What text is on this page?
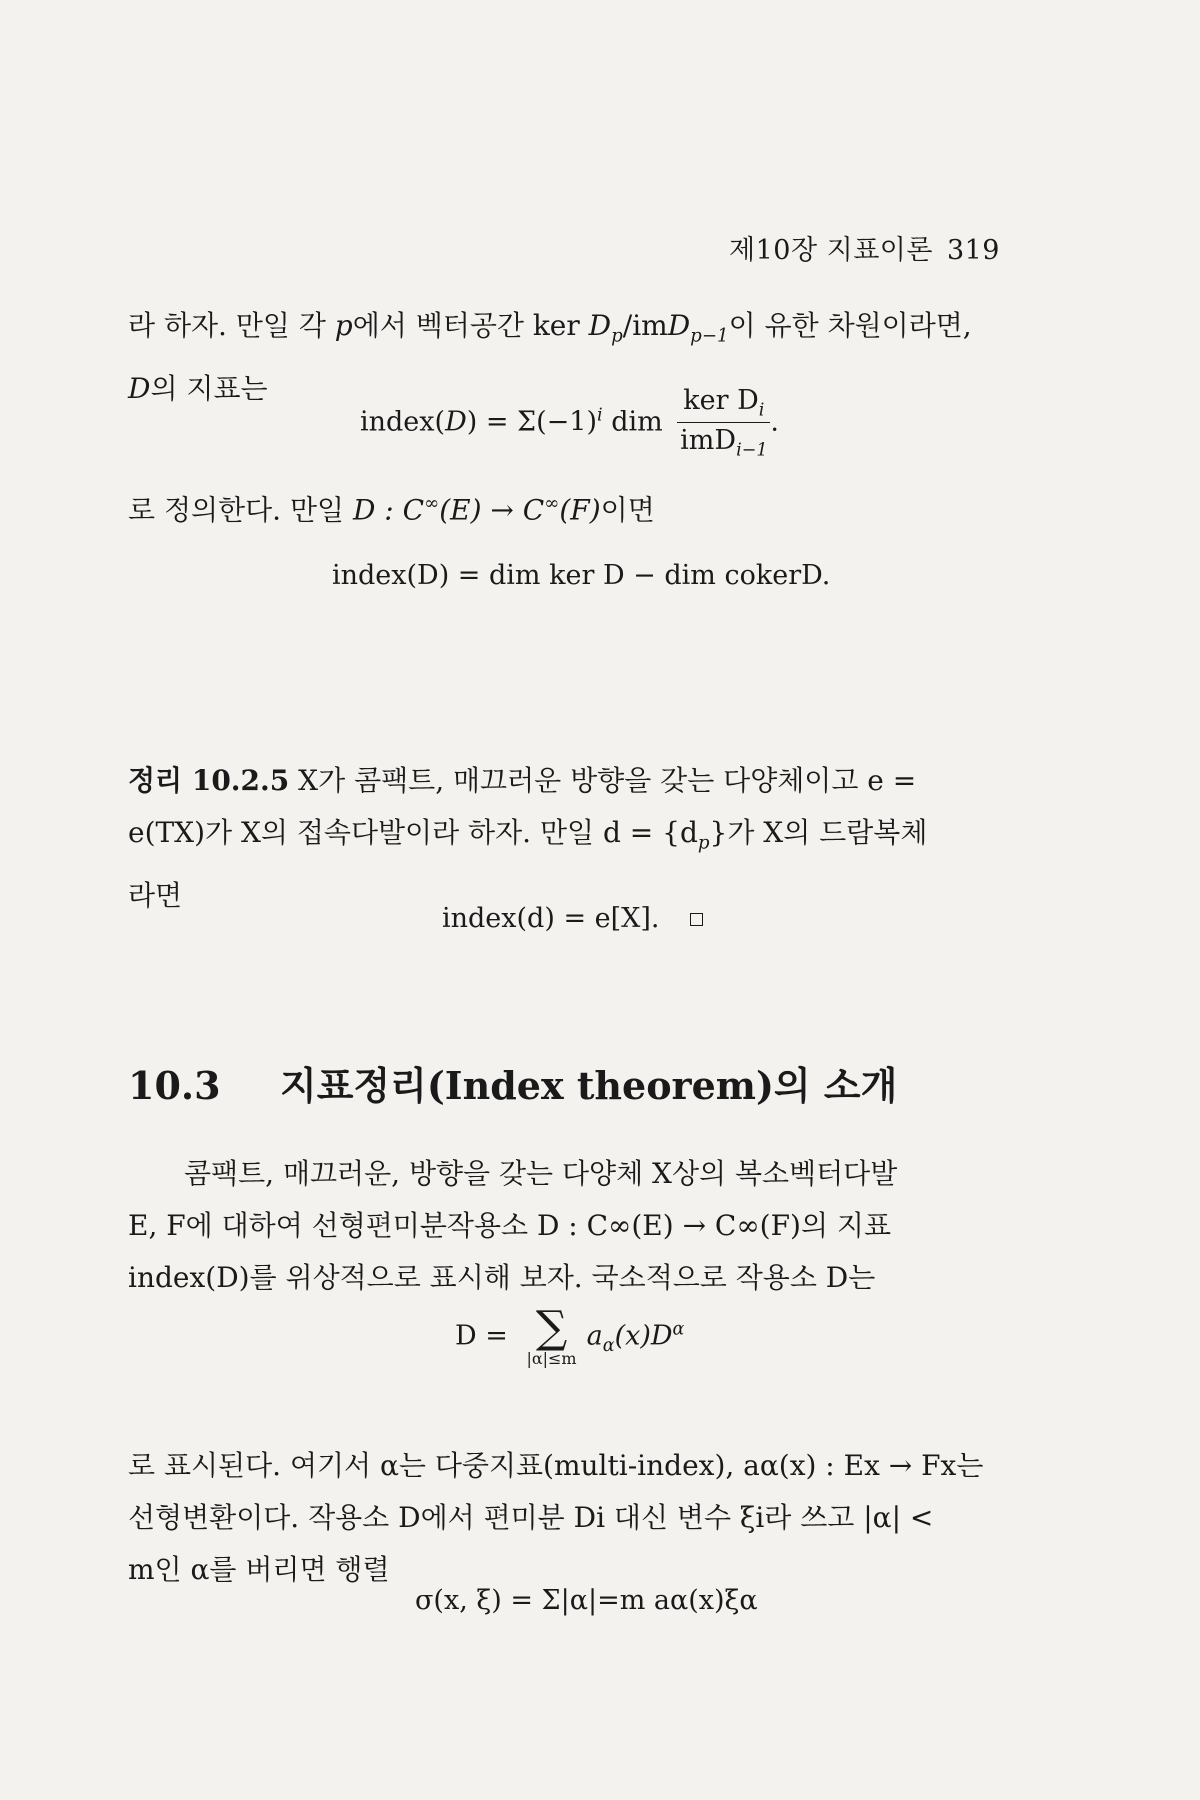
제10장 지표이론 319
라 하자. 만일 각 p에서 벡터공간 ker $D_p/imD_{p-1}$이 유한 차원이라면,
D의 지표는
index(D) = $\Sigma(-1)^i$ dim $\frac{ker D_i}{imD_{i-1}}$ .
로 정의한다. 만일 D : C∞(E) → C∞(F)이면
index(D) = dim ker D − dim cokerD.
정리 10.2.5 X가 콤팩트, 매끄러운 방향을 갖는 다양체이고 e =
e(TX)가 X의 접속다발이라 하자. 만일 $d = \{d_p\}$가 X의 드람복체
라면
index(d) = e[X].
10.3 지표정리(Index theorem)의 소개
콤팩트, 매끄러운, 방향을 갖는 다양체 X상의 복소벡터다발
E, F에 대하여 선형편미분작용소 D : C∞(E) → C∞(F)의 지표
index(D)를 위상적으로 표시해 보자. 국소적으로 작용소 D는
D = ∑
|α|≤m
$a_\alpha(x)D^\alpha$
로 표시된다. 여기서 α는 다중지표(multi-index), aα(x) : Ex → Fx는
선형변환이다. 작용소 D에서 편미분 Di 대신 변수 ξi라 쓰고 |α| <
m인 α를 버리면 행렬
σ(x, ξ) = Σ|α|=m aα(x)ξα
